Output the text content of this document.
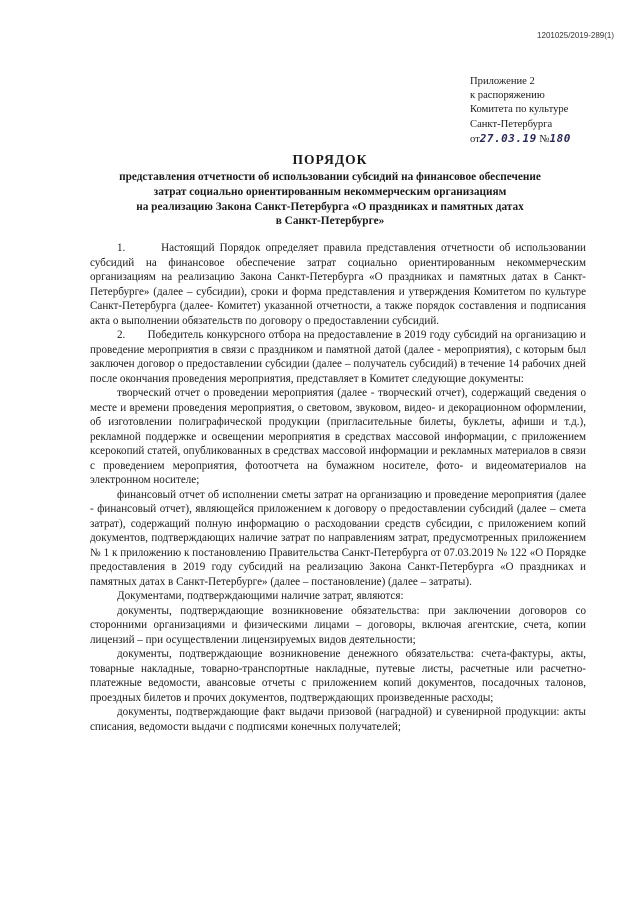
1201025/2019-289(1)
Приложение 2
к распоряжению
Комитета по культуре
Санкт-Петербурга
от27.03.19 №180
ПОРЯДОК
представления отчетности об использовании субсидий на финансовое обеспечение
затрат социально ориентированным некоммерческим организациям
на реализацию Закона Санкт-Петербурга «О праздниках и памятных датах
в Санкт-Петербурге»

1.       Настоящий Порядок определяет правила представления отчетности об использовании субсидий на финансовое обеспечение затрат социально ориентированным некоммерческим организациям на реализацию Закона Санкт-Петербурга «О праздниках и памятных датах в Санкт-Петербурге» (далее – субсидии), сроки и форма представления и утверждения Комитетом по культуре Санкт-Петербурга (далее- Комитет) указанной отчетности, а также порядок составления и подписания акта о выполнении обязательств по договору о предоставлении субсидий.

2.       Победитель конкурсного отбора на предоставление в 2019 году субсидий на организацию и проведение мероприятия в связи с праздником и памятной датой (далее - мероприятия), с которым был заключен договор о предоставлении субсидии (далее – получатель субсидий) в течение 14 рабочих дней после окончания проведения мероприятия, представляет в Комитет следующие документы:

творческий отчет о проведении мероприятия (далее - творческий отчет), содержащий сведения о месте и времени проведения мероприятия, о световом, звуковом, видео- и декорационном оформлении, об изготовлении полиграфической продукции (пригласительные билеты, буклеты, афиши и т.д.), рекламной поддержке и освещении мероприятия в средствах массовой информации, с приложением ксерокопий статей, опубликованных в средствах массовой информации и рекламных материалов в связи с проведением мероприятия, фотоотчета на бумажном носителе, фото- и видеоматериалов на электронном носителе;

финансовый отчет об исполнении сметы затрат на организацию и проведение мероприятия (далее - финансовый отчет), являющейся приложением к договору о предоставлении субсидий (далее – смета затрат), содержащий полную информацию о расходовании средств субсидии, с приложением копий документов, подтверждающих наличие затрат по направлениям затрат, предусмотренных приложением № 1 к приложению к постановлению Правительства Санкт-Петербурга от 07.03.2019 № 122 «О Порядке предоставления в 2019 году субсидий на реализацию Закона Санкт-Петербурга «О праздниках и памятных датах в Санкт-Петербурге» (далее – постановление) (далее – затраты).

Документами, подтверждающими наличие затрат, являются:

документы, подтверждающие возникновение обязательства: при заключении договоров со сторонними организациями и физическими лицами – договоры, включая агентские, счета, копии лицензий – при осуществлении лицензируемых видов деятельности;

документы, подтверждающие возникновение денежного обязательства: счета-фактуры, акты, товарные накладные, товарно-транспортные накладные, путевые листы, расчетные или расчетно-платежные ведомости, авансовые отчеты с приложением копий документов, посадочных талонов, проездных билетов и прочих документов, подтверждающих произведенные расходы;

документы, подтверждающие факт выдачи призовой (наградной) и сувенирной продукции: акты списания, ведомости выдачи с подписями конечных получателей;
